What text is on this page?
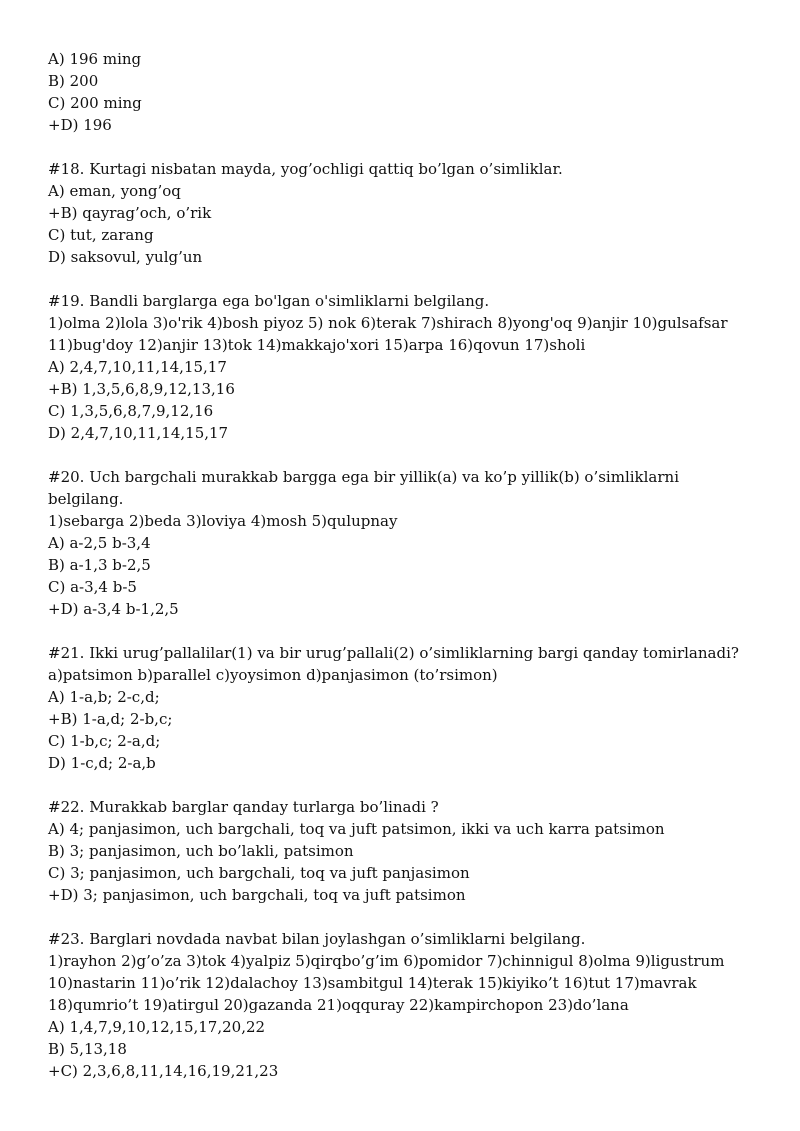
A) 196 ming
B) 200
C) 200 ming
+D) 196
#18. Kurtagi nisbatan mayda, yog’ochligi qattiq bo’lgan o’simliklar.
A) eman, yong’oq
+B) qayrag’och, o’rik
C) tut, zarang
D) saksovul, yulg’un
#19. Bandli barglarga ega bo'lgan o'simliklarni belgilang.
1)olma 2)lola 3)o'rik 4)bosh piyoz 5) nok 6)terak 7)shirach 8)yong'oq 9)anjir 10)gulsafsar
11)bug'doy 12)anjir 13)tok 14)makkajo'xori 15)arpa 16)qovun 17)sholi
A) 2,4,7,10,11,14,15,17
+B) 1,3,5,6,8,9,12,13,16
C) 1,3,5,6,8,7,9,12,16
D) 2,4,7,10,11,14,15,17
#20. Uch bargchali murakkab bargga ega bir yillik(a) va ko’p yillik(b) o’simliklarni
belgilang.
1)sebarga 2)beda 3)loviya 4)mosh 5)qulupnay
A) a-2,5 b-3,4
B) a-1,3 b-2,5
C) a-3,4 b-5
+D) a-3,4 b-1,2,5
#21. Ikki urug’pallalilar(1) va bir urug’pallali(2) o’simliklarning bargi qanday tomirlanadi?
a)patsimon b)parallel c)yoysimon d)panjasimon (to’rsimon)
A) 1-a,b; 2-c,d;
+B) 1-a,d; 2-b,c;
C) 1-b,c; 2-a,d;
D) 1-c,d; 2-a,b
#22. Murakkab barglar qanday turlarga bo’linadi ?
A) 4; panjasimon, uch bargchali, toq va juft patsimon, ikki va uch karra patsimon
B) 3; panjasimon, uch bo’lakli, patsimon
C) 3; panjasimon, uch bargchali, toq va juft panjasimon
+D) 3; panjasimon, uch bargchali, toq va juft patsimon
#23. Barglari novdada navbat bilan joylashgan o’simliklarni belgilang.
1)rayhon 2)g’o’za 3)tok 4)yalpiz 5)qirqbo’g’im 6)pomidor 7)chinnigul 8)olma 9)ligustrum
10)nastarin 11)o’rik 12)dalachoy 13)sambitgul 14)terak 15)kiyiko’t 16)tut 17)mavrak
18)qumrio’t 19)atirgul 20)gazanda 21)oqquray 22)kampirchopon 23)do’lana
A) 1,4,7,9,10,12,15,17,20,22
B) 5,13,18
+C) 2,3,6,8,11,14,16,19,21,23
